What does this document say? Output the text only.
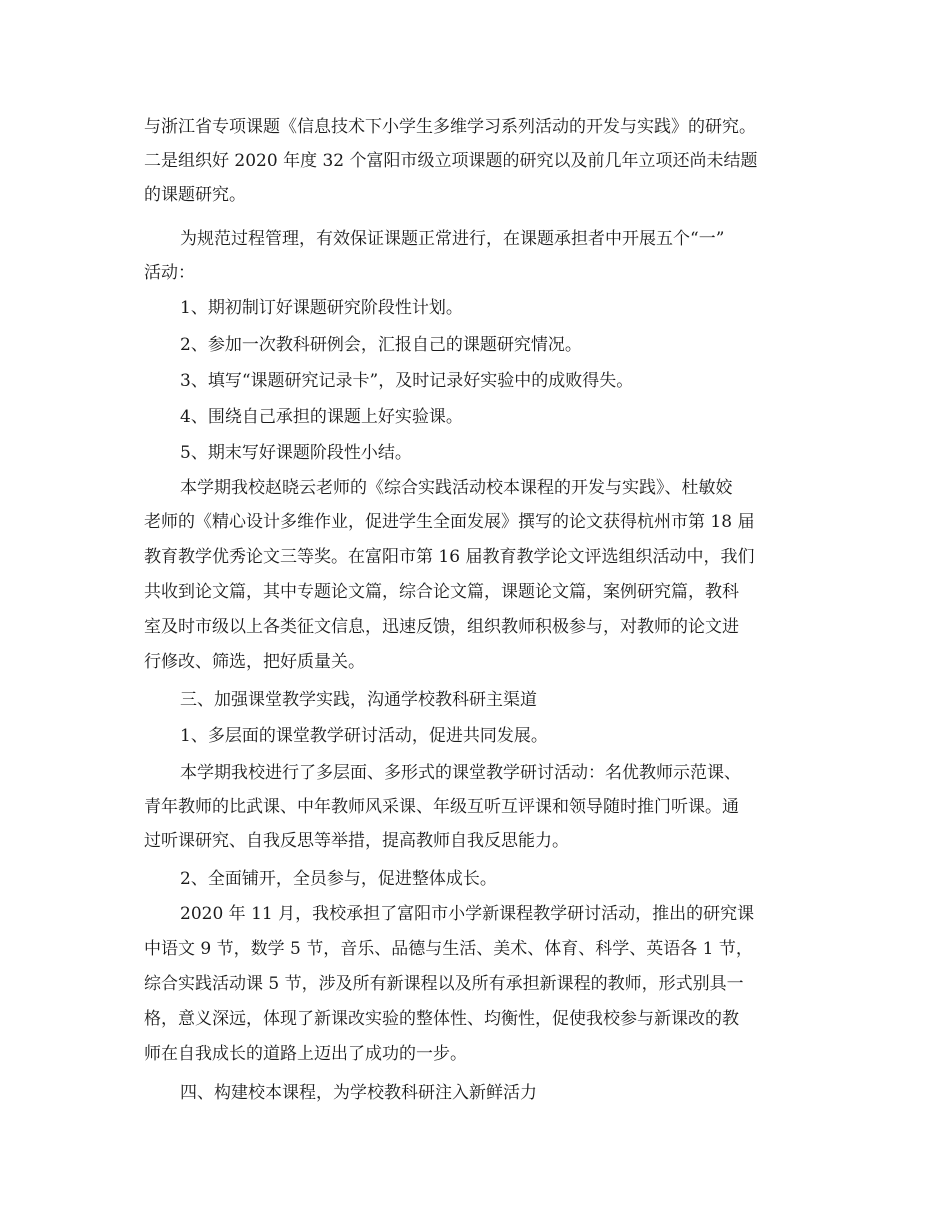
与浙江省专项课题《信息技术下小学生多维学习系列活动的开发与实践》的研究。
二是组织好 2020 年度 32 个富阳市级立项课题的研究以及前几年立项还尚未结题
的课题研究。
为规范过程管理，有效保证课题正常进行，在课题承担者中开展五个“一”
活动：
1、期初制订好课题研究阶段性计划。
2、参加一次教科研例会，汇报自己的课题研究情况。
3、填写“课题研究记录卡”，及时记录好实验中的成败得失。
4、围绕自己承担的课题上好实验课。
5、期末写好课题阶段性小结。
本学期我校赵晓云老师的《综合实践活动校本课程的开发与实践》、杜敏姣
老师的《精心设计多维作业，促进学生全面发展》撰写的论文获得杭州市第 18 届
教育教学优秀论文三等奖。在富阳市第 16 届教育教学论文评选组织活动中，我们
共收到论文篇，其中专题论文篇，综合论文篇，课题论文篇，案例研究篇，教科
室及时市级以上各类征文信息，迅速反馈，组织教师积极参与，对教师的论文进
行修改、筛选，把好质量关。
三、加强课堂教学实践，沟通学校教科研主渠道
1、多层面的课堂教学研讨活动，促进共同发展。
本学期我校进行了多层面、多形式的课堂教学研讨活动：名优教师示范课、
青年教师的比武课、中年教师风采课、年级互听互评课和领导随时推门听课。通
过听课研究、自我反思等举措，提高教师自我反思能力。
2、全面铺开，全员参与，促进整体成长。
2020 年 11 月，我校承担了富阳市小学新课程教学研讨活动，推出的研究课
中语文 9 节，数学 5 节，音乐、品德与生活、美术、体育、科学、英语各 1 节，
综合实践活动课 5 节，涉及所有新课程以及所有承担新课程的教师，形式别具一
格，意义深远，体现了新课改实验的整体性、均衡性，促使我校参与新课改的教
师在自我成长的道路上迈出了成功的一步。
四、构建校本课程，为学校教科研注入新鲜活力
